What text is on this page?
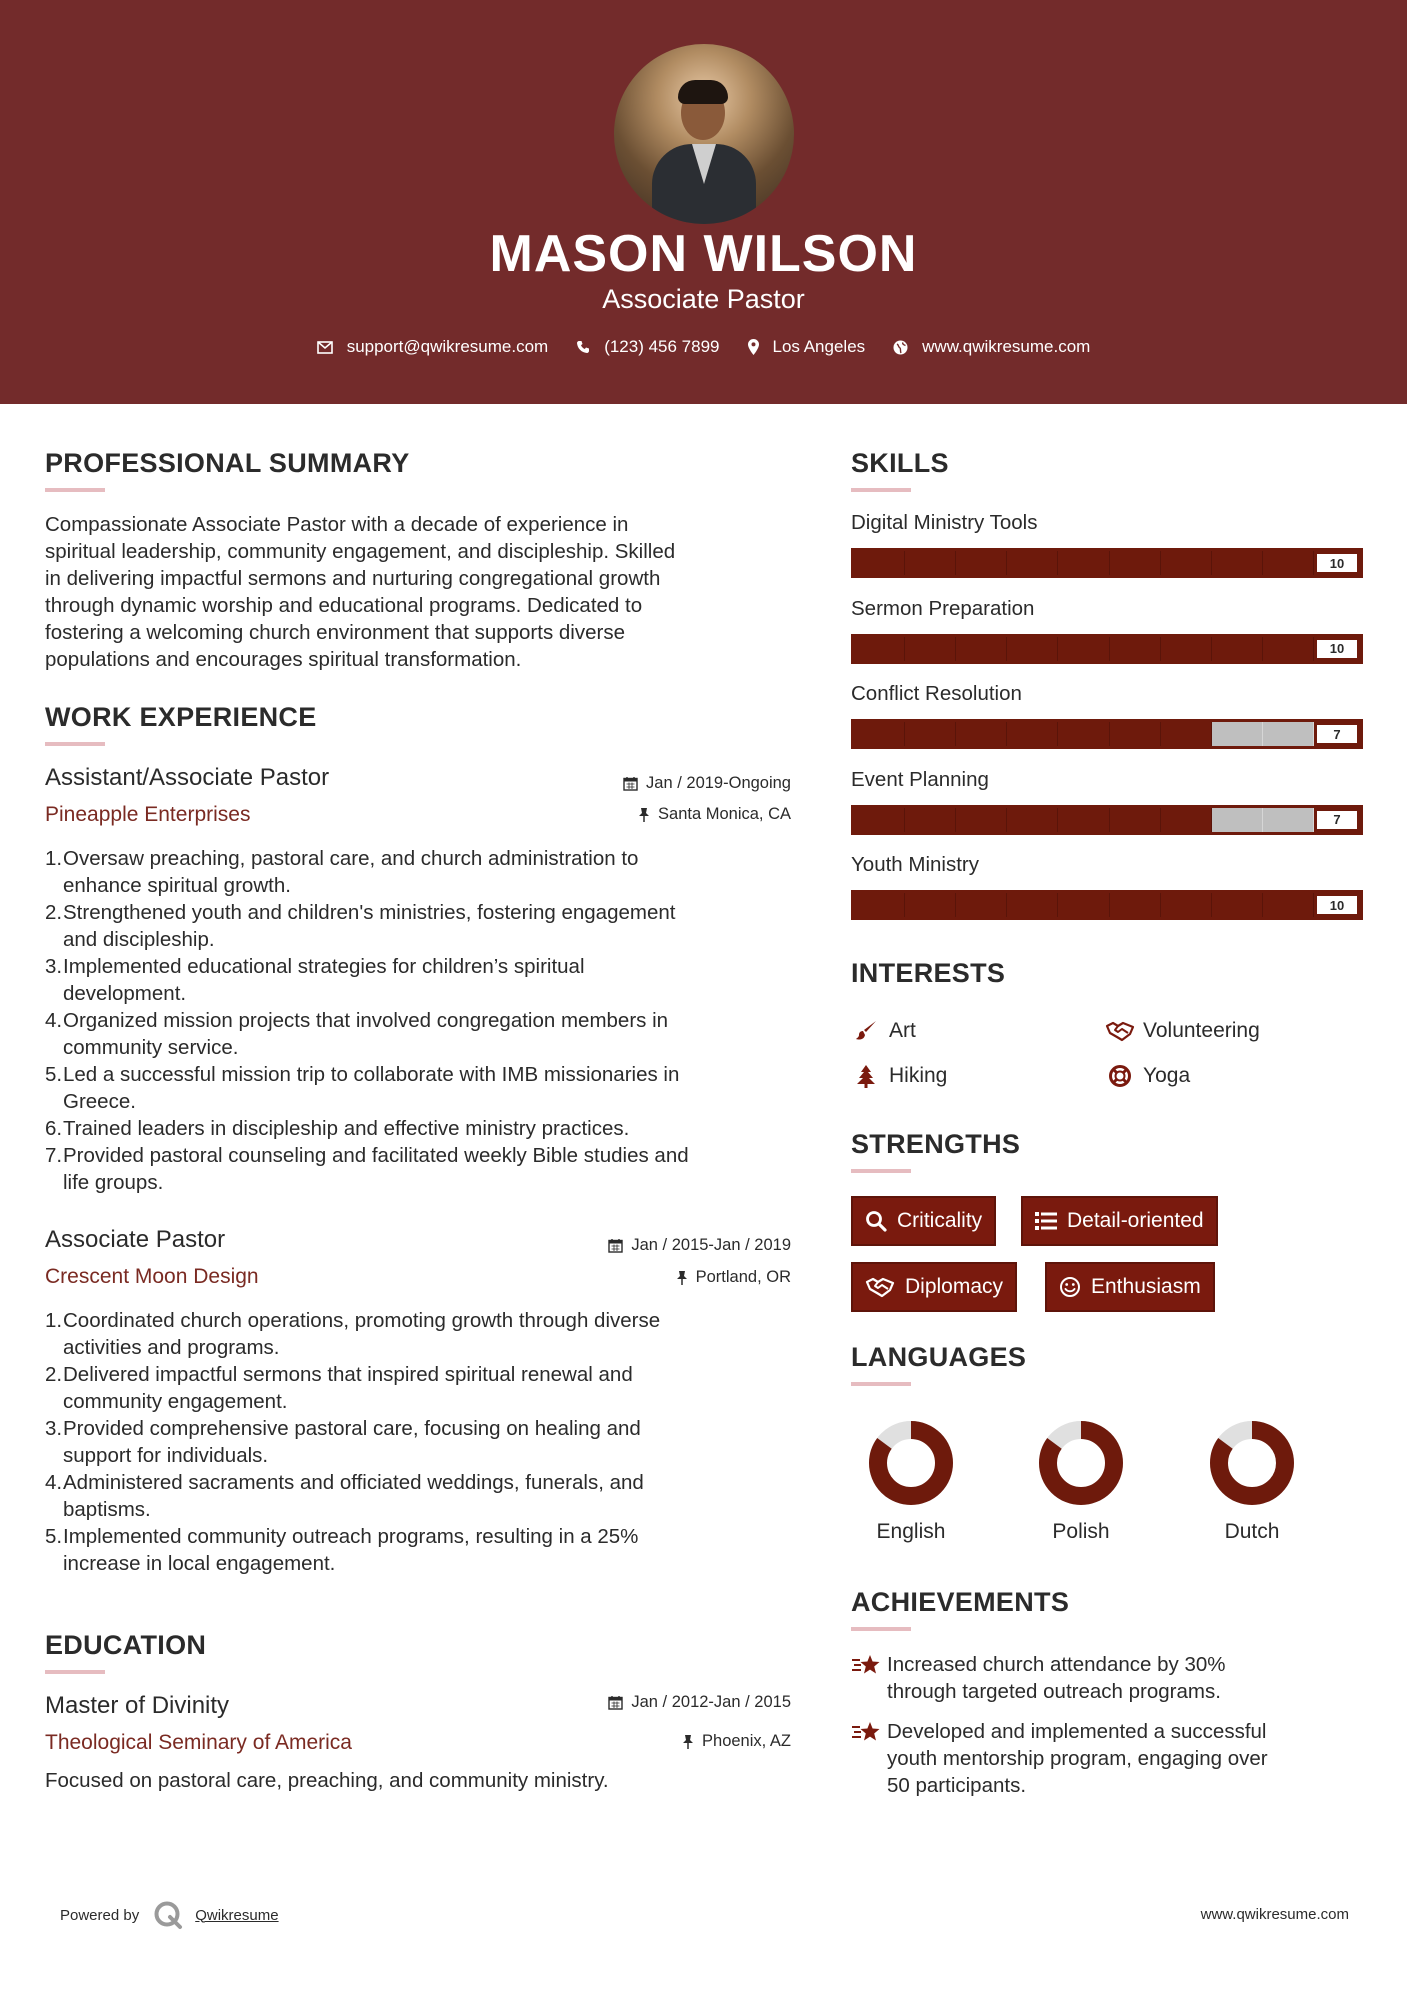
MASON WILSON
Associate Pastor
support@qwikresume.com	(123) 456 7899	Los Angeles	www.qwikresume.com
PROFESSIONAL SUMMARY
Compassionate Associate Pastor with a decade of experience in
spiritual leadership, community engagement, and discipleship. Skilled
in delivering impactful sermons and nurturing congregational growth
through dynamic worship and educational programs. Dedicated to
fostering a welcoming church environment that supports diverse
populations and encourages spiritual transformation.
WORK EXPERIENCE
Assistant/Associate Pastor	Jan / 2019-Ongoing
Pineapple Enterprises	Santa Monica, CA
1. Oversaw preaching, pastoral care, and church administration to
enhance spiritual growth.
2. Strengthened youth and children's ministries, fostering engagement
and discipleship.
3. Implemented educational strategies for children’s spiritual
development.
4. Organized mission projects that involved congregation members in
community service.
5. Led a successful mission trip to collaborate with IMB missionaries in
Greece.
6. Trained leaders in discipleship and effective ministry practices.
7. Provided pastoral counseling and facilitated weekly Bible studies and
life groups.
Associate Pastor	Jan / 2015-Jan / 2019
Crescent Moon Design	Portland, OR
1. Coordinated church operations, promoting growth through diverse
activities and programs.
2. Delivered impactful sermons that inspired spiritual renewal and
community engagement.
3. Provided comprehensive pastoral care, focusing on healing and
support for individuals.
4. Administered sacraments and officiated weddings, funerals, and
baptisms.
5. Implemented community outreach programs, resulting in a 25%
increase in local engagement.
EDUCATION
Master of Divinity	Jan / 2012-Jan / 2015
Theological Seminary of America	Phoenix, AZ
Focused on pastoral care, preaching, and community ministry.
SKILLS
Digital Ministry Tools
10
Sermon Preparation
10
Conflict Resolution
7
Event Planning
7
Youth Ministry
10
INTERESTS
Art	Volunteering
Hiking	Yoga
STRENGTHS
Criticality	Detail-oriented
Diplomacy	Enthusiasm
LANGUAGES
English	Polish	Dutch
ACHIEVEMENTS
Increased church attendance by 30%
through targeted outreach programs.
Developed and implemented a successful
youth mentorship program, engaging over
50 participants.
Powered by	Qwikresume	www.qwikresume.com
